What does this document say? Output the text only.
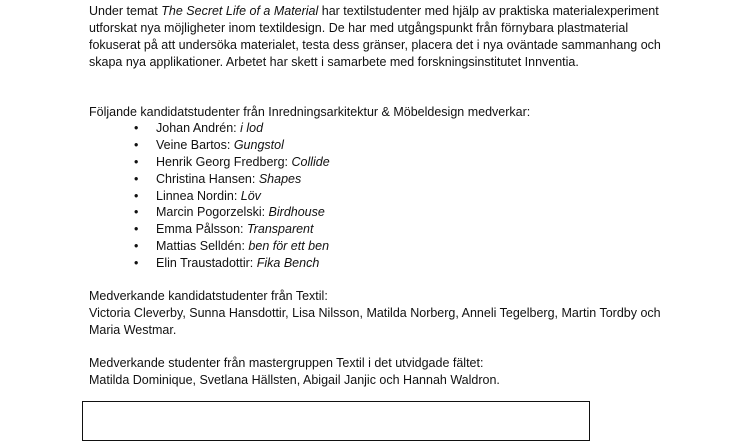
Under temat The Secret Life of a Material har textilstudenter med hjälp av praktiska materialexperiment utforskat nya möjligheter inom textildesign. De har med utgångspunkt från förnybara plastmaterial fokuserat på att undersöka materialet, testa dess gränser, placera det i nya oväntade sammanhang och skapa nya applikationer. Arbetet har skett i samarbete med forskningsinstitutet Innventia.

Följande kandidatstudenter från Inredningsarkitektur & Möbeldesign medverkar:

• Johan Andrén: i lod
• Veine Bartos: Gungstol
• Henrik Georg Fredberg: Collide
• Christina Hansen: Shapes
• Linnea Nordin: Löv
• Marcin Pogorzelski: Birdhouse
• Emma Pålsson: Transparent
• Mattias Selldén: ben för ett ben
• Elin Traustadottir: Fika Bench

Medverkande kandidatstudenter från Textil:

Victoria Cleverby, Sunna Hansdottir, Lisa Nilsson, Matilda Norberg, Anneli Tegelberg, Martin Tordby och Maria Westmar.

Medverkande studenter från mastergruppen Textil i det utvidgade fältet:

Matilda Dominique, Svetlana Hällsten, Abigail Janjic och Hannah Waldron.
